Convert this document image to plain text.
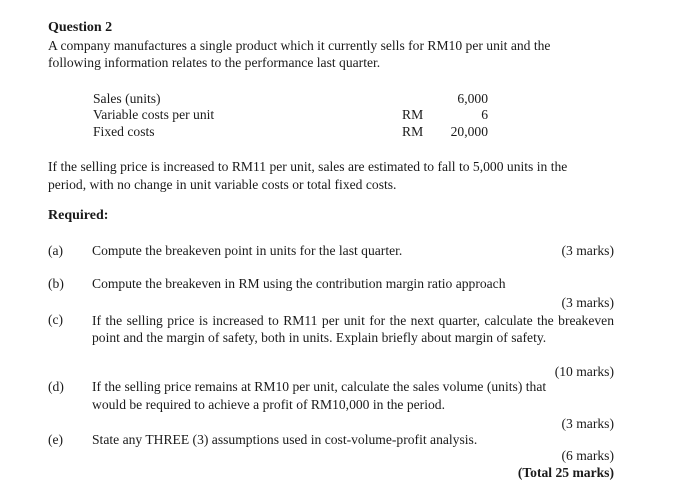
Question 2
A company manufactures a single product which it currently sells for RM10 per unit and the
following information relates to the performance last quarter.
Sales (units)	6,000
Variable costs per unit	RM	6
Fixed costs	RM	20,000
If the selling price is increased to RM11 per unit, sales are estimated to fall to 5,000 units in the
period, with no change in unit variable costs or total fixed costs.
Required:
(a) Compute the breakeven point in units for the last quarter.	(3 marks)
(b) Compute the breakeven in RM using the contribution margin ratio approach
(3 marks)
(c) If the selling price is increased to RM11 per unit for the next quarter, calculate the breakeven point and the margin of safety, both in units. Explain briefly about margin of safety.
(10 marks)
(d) If the selling price remains at RM10 per unit, calculate the sales volume (units) that
would be required to achieve a profit of RM10,000 in the period.
(3 marks)
(e) State any THREE (3) assumptions used in cost-volume-profit analysis.
(6 marks)
(Total 25 marks)
